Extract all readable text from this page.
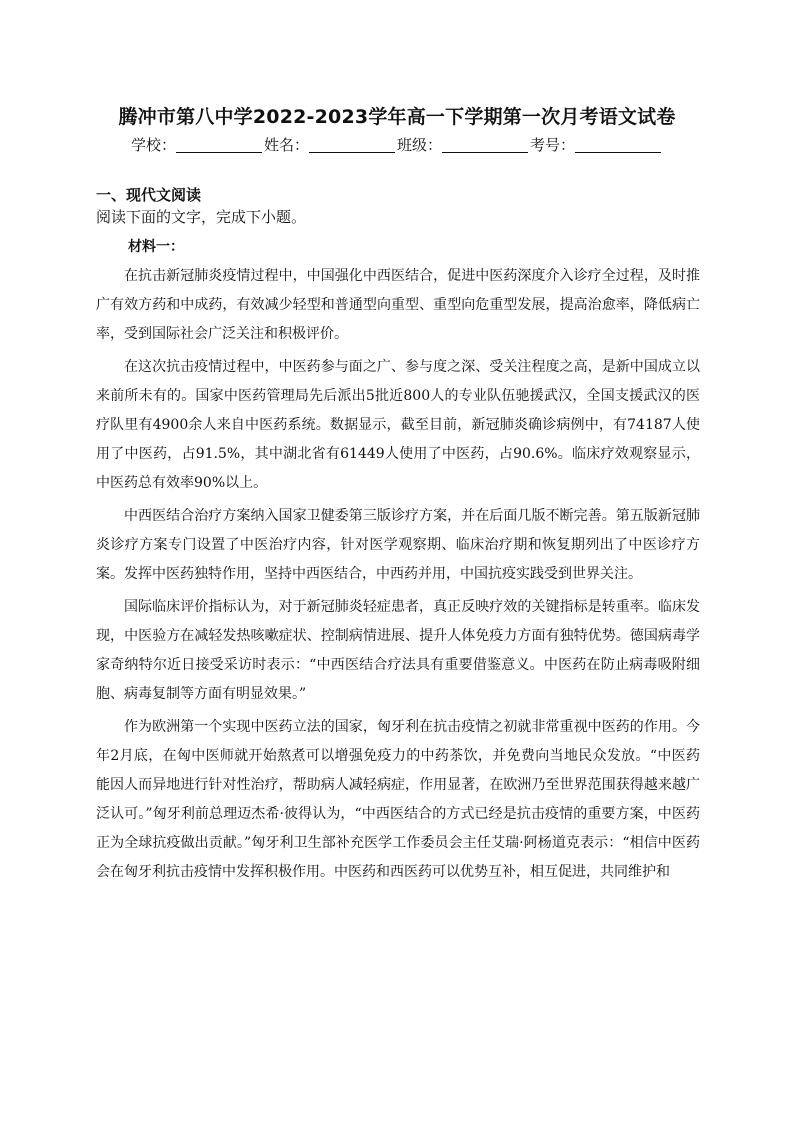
腾冲市第八中学2022-2023学年高一下学期第一次月考语文试卷
学校：	姓名：	班级：	考号：
一、现代文阅读
阅读下面的文字，完成下小题。
材料一：

在抗击新冠肺炎疫情过程中，中国强化中西医结合，促进中医药深度介入诊疗全过程，及时推广有效方药和中成药，有效减少轻型和普通型向重型、重型向危重型发展，提高治愈率，降低病亡率，受到国际社会广泛关注和积极评价。

在这次抗击疫情过程中，中医药参与面之广、参与度之深、受关注程度之高，是新中国成立以来前所未有的。国家中医药管理局先后派出5批近800人的专业队伍驰援武汉，全国支援武汉的医疗队里有4900余人来自中医药系统。数据显示，截至目前，新冠肺炎确诊病例中，有74187人使用了中医药，占91.5%，其中湖北省有61449人使用了中医药，占90.6%。临床疗效观察显示，中医药总有效率90%以上。

中西医结合治疗方案纳入国家卫健委第三版诊疗方案，并在后面几版不断完善。第五版新冠肺炎诊疗方案专门设置了中医治疗内容，针对医学观察期、临床治疗期和恢复期列出了中医诊疗方案。发挥中医药独特作用，坚持中西医结合，中西药并用，中国抗疫实践受到世界关注。

国际临床评价指标认为，对于新冠肺炎轻症患者，真正反映疗效的关键指标是转重率。临床发现，中医验方在减轻发热咳嗽症状、控制病情进展、提升人体免疫力方面有独特优势。德国病毒学家奇纳特尔近日接受采访时表示：“中西医结合疗法具有重要借鉴意义。中医药在防止病毒吸附细胞、病毒复制等方面有明显效果。”

作为欧洲第一个实现中医药立法的国家，匈牙利在抗击疫情之初就非常重视中医药的作用。今年2月底，在匈中医师就开始熬煮可以增强免疫力的中药茶饮，并免费向当地民众发放。“中医药能因人而异地进行针对性治疗，帮助病人减轻病症，作用显著，在欧洲乃至世界范围获得越来越广泛认可。”匈牙利前总理迈杰希·彼得认为，“中西医结合的方式已经是抗击疫情的重要方案，中医药正为全球抗疫做出贡献。”匈牙利卫生部补充医学工作委员会主任艾瑞·阿杨道克表示：“相信中医药会在匈牙利抗击疫情中发挥积极作用。中医药和西医药可以优势互补，相互促进，共同维护和
